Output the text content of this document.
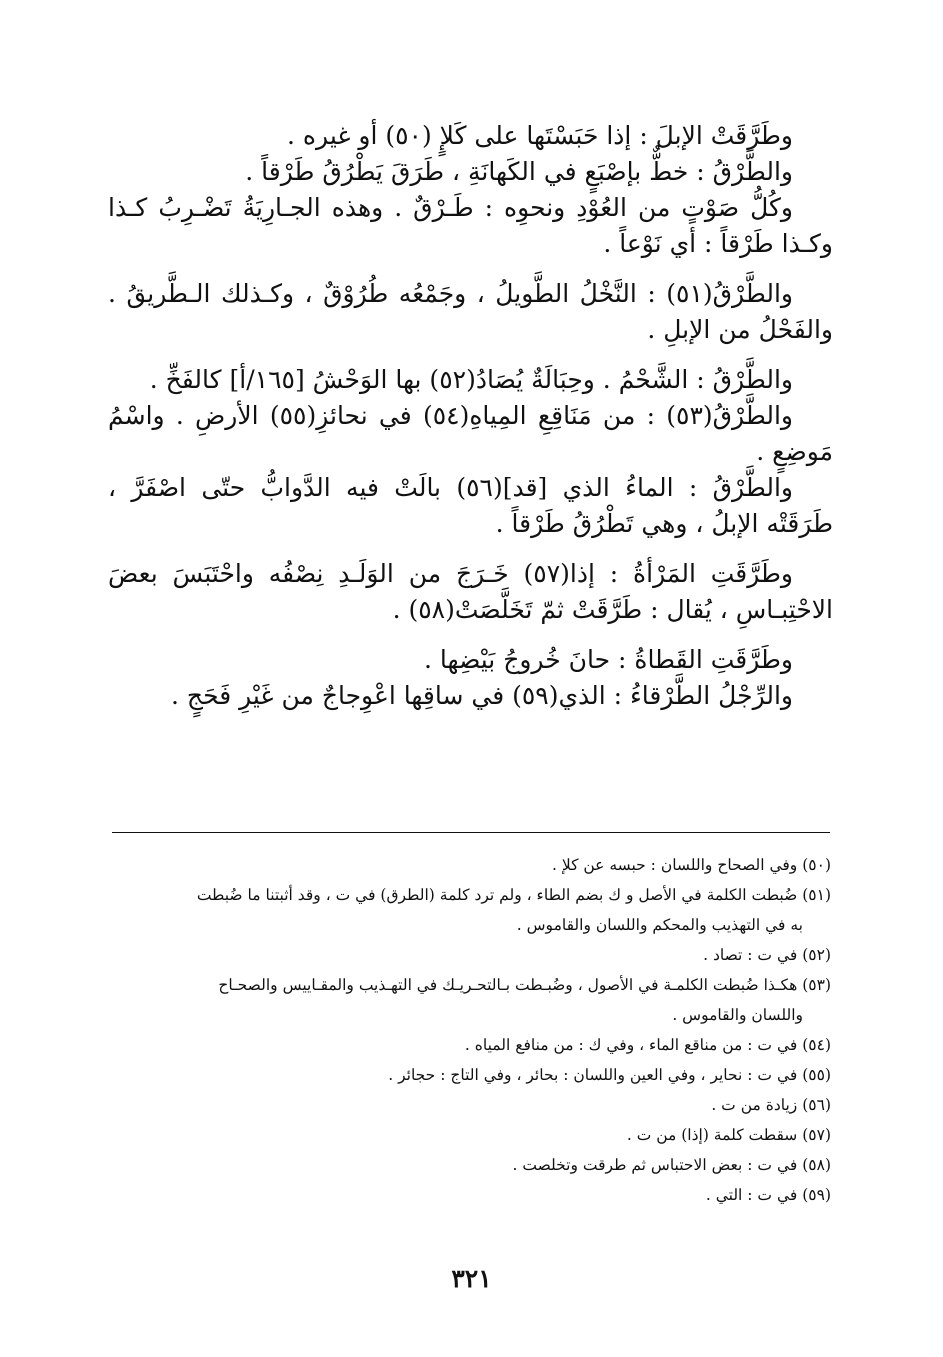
وطَرَّقَتْ الإبلَ : إذا حَبَسْتَها على كَلإٍ (٥٠) أو غيره .

والطَّرْقُ : خطٌّ بإصْبَعٍ في الكَهانَةِ ، طَرَقَ يَطْرُقُ طَرْقاً .

وكُلُّ صَوْتٍ من العُوْدِ ونحوِه : طَـرْقٌ . وهذه الجـارِيَةُ تَضْـرِبُ كـذا وكـذا طَرْقاً : أي نَوْعاً .

والطَّرْقُ(٥١) : النَّخْلُ الطَّويلُ ، وجَمْعُه طُرُوْقٌ ، وكـذلك الـطَّريقُ . والفَحْلُ من الإبلِ .

والطَّرْقُ : الشَّحْمُ . وحِبَالَةٌ يُصَادُ(٥٢) بها الوَحْشُ [١٦٥/أ] كالفَخِّ .

والطَّرْقُ(٥٣) : من مَنَاقِعِ المِياهِ(٥٤) في نحائزِ(٥٥) الأرضِ . واسْمُ مَوضِعٍ .

والطَّرْقُ : الماءُ الذي [قد](٥٦) بالَتْ فيه الدَّوابُّ حتّى اصْفَرَّ ، طَرَقَتْه الإبلُ ، وهي تَطْرُقُ طَرْقاً .

وطَرَّقَتِ المَرْأةُ : إذا(٥٧) خَـرَجَ من الوَلَـدِ نِصْفُه واحْتَبَسَ بعضَ الاحْتِبـاسِ ، يُقال : طَرَّقَتْ ثمّ تَخَلَّصَتْ(٥٨) .

وطَرَّقَتِ القَطاةُ : حانَ خُروجُ بَيْضِها .

والرِّجْلُ الطَّرْقاءُ : الذي(٥٩) في ساقِها اعْوِجاجٌ من غَيْرِ فَحَجٍ .

(٥٠) وفي الصحاح واللسان : حبسه عن كلإ .

(٥١) ضُبطت الكلمة في الأصل و ك بضم الطاء ، ولم ترد كلمة (الطرق) في ت ، وقد أثبتنا ما ضُبطت
به في التهذيب والمحكم واللسان والقاموس .

(٥٢) في ت : تصاد .

(٥٣) هكـذا ضُبطت الكلمـة في الأصول ، وضُبـطت بـالتحـريـك في التهـذيب والمقـاييس والصحـاح
واللسان والقاموس .

(٥٤) في ت : من مناقع الماء ، وفي ك : من منافع المياه .

(٥٥) في ت : نحاير ، وفي العين واللسان : بحائر ، وفي التاج : حجائر .

(٥٦) زيادة من ت .

(٥٧) سقطت كلمة (إذا) من ت .

(٥٨) في ت : بعض الاحتباس ثم طرقت وتخلصت .

(٥٩) في ت : التي .

٣٢١
